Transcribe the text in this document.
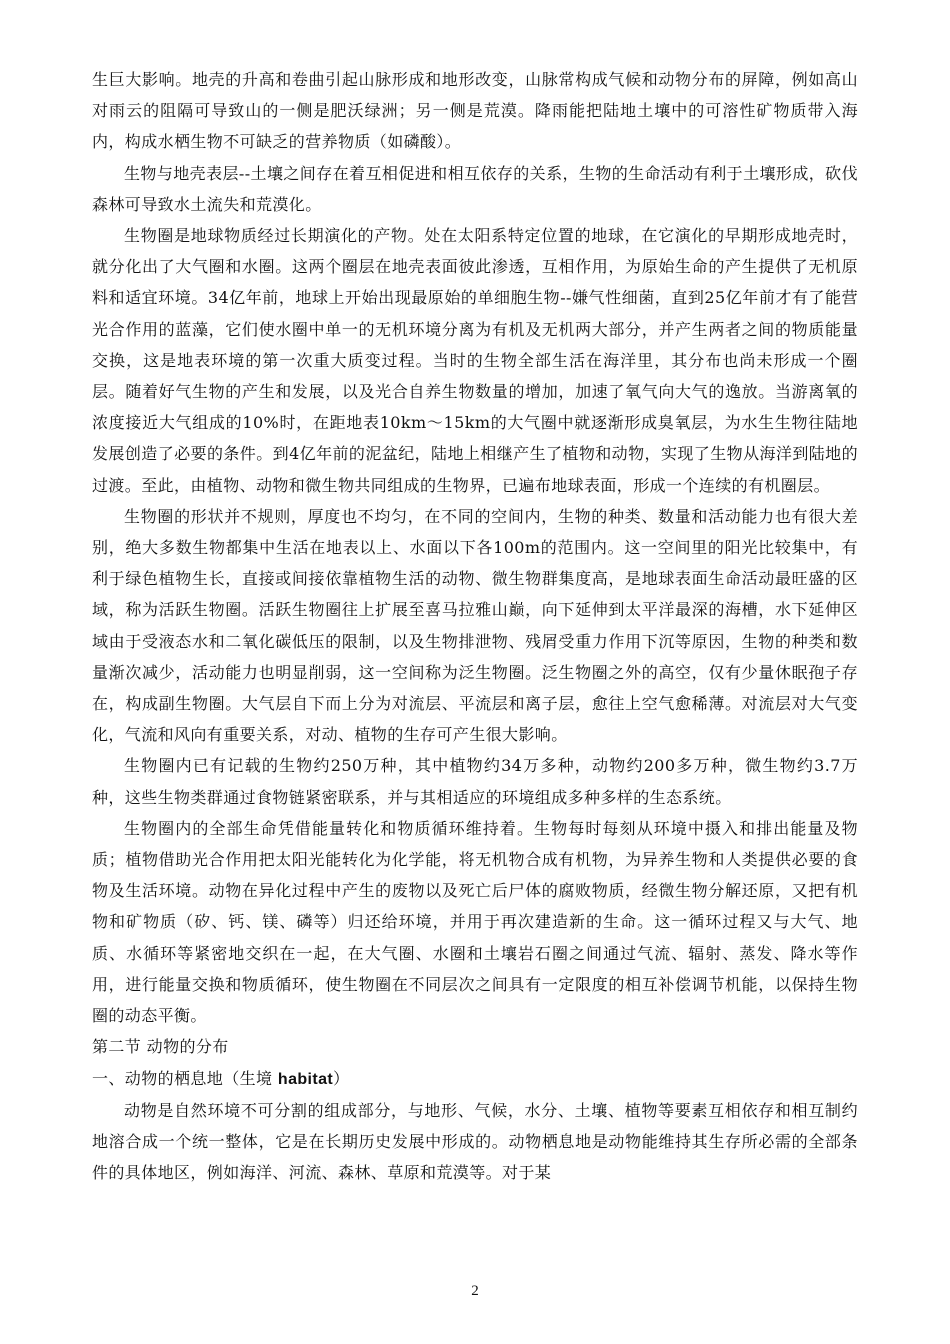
生巨大影响。地壳的升高和卷曲引起山脉形成和地形改变，山脉常构成气候和动物分布的屏障，例如高山对雨云的阻隔可导致山的一侧是肥沃绿洲；另一侧是荒漠。降雨能把陆地土壤中的可溶性矿物质带入海内，构成水栖生物不可缺乏的营养物质（如磷酸）。

生物与地壳表层--土壤之间存在着互相促进和相互依存的关系，生物的生命活动有利于土壤形成，砍伐森林可导致水土流失和荒漠化。

生物圈是地球物质经过长期演化的产物。处在太阳系特定位置的地球，在它演化的早期形成地壳时，就分化出了大气圈和水圈。这两个圈层在地壳表面彼此渗透，互相作用，为原始生命的产生提供了无机原料和适宜环境。34亿年前，地球上开始出现最原始的单细胞生物--嫌气性细菌，直到25亿年前才有了能营光合作用的蓝藻，它们使水圈中单一的无机环境分离为有机及无机两大部分，并产生两者之间的物质能量交换，这是地表环境的第一次重大质变过程。当时的生物全部生活在海洋里，其分布也尚未形成一个圈层。随着好气生物的产生和发展，以及光合自养生物数量的增加，加速了氧气向大气的逸放。当游离氧的浓度接近大气组成的10%时，在距地表10km～15km的大气圈中就逐渐形成臭氧层，为水生生物往陆地发展创造了必要的条件。到4亿年前的泥盆纪，陆地上相继产生了植物和动物，实现了生物从海洋到陆地的过渡。至此，由植物、动物和微生物共同组成的生物界，已遍布地球表面，形成一个连续的有机圈层。

生物圈的形状并不规则，厚度也不均匀，在不同的空间内，生物的种类、数量和活动能力也有很大差别，绝大多数生物都集中生活在地表以上、水面以下各100m的范围内。这一空间里的阳光比较集中，有利于绿色植物生长，直接或间接依靠植物生活的动物、微生物群集度高，是地球表面生命活动最旺盛的区域，称为活跃生物圈。活跃生物圈往上扩展至喜马拉雅山巅，向下延伸到太平洋最深的海槽，水下延伸区域由于受液态水和二氧化碳低压的限制，以及生物排泄物、残屑受重力作用下沉等原因，生物的种类和数量渐次减少，活动能力也明显削弱，这一空间称为泛生物圈。泛生物圈之外的高空，仅有少量休眠孢子存在，构成副生物圈。大气层自下而上分为对流层、平流层和离子层，愈往上空气愈稀薄。对流层对大气变化，气流和风向有重要关系，对动、植物的生存可产生很大影响。

生物圈内已有记载的生物约250万种，其中植物约34万多种，动物约200多万种，微生物约3.7万种，这些生物类群通过食物链紧密联系，并与其相适应的环境组成多种多样的生态系统。

生物圈内的全部生命凭借能量转化和物质循环维持着。生物每时每刻从环境中摄入和排出能量及物质；植物借助光合作用把太阳光能转化为化学能，将无机物合成有机物，为异养生物和人类提供必要的食物及生活环境。动物在异化过程中产生的废物以及死亡后尸体的腐败物质，经微生物分解还原，又把有机物和矿物质（矽、钙、镁、磷等）归还给环境，并用于再次建造新的生命。这一循环过程又与大气、地质、水循环等紧密地交织在一起，在大气圈、水圈和土壤岩石圈之间通过气流、辐射、蒸发、降水等作用，进行能量交换和物质循环，使生物圈在不同层次之间具有一定限度的相互补偿调节机能，以保持生物圈的动态平衡。

第二节 动物的分布

一、动物的栖息地（生境 habitat）

动物是自然环境不可分割的组成部分，与地形、气候，水分、土壤、植物等要素互相依存和相互制约地溶合成一个统一整体，它是在长期历史发展中形成的。动物栖息地是动物能维持其生存所必需的全部条件的具体地区，例如海洋、河流、森林、草原和荒漠等。对于某

2
